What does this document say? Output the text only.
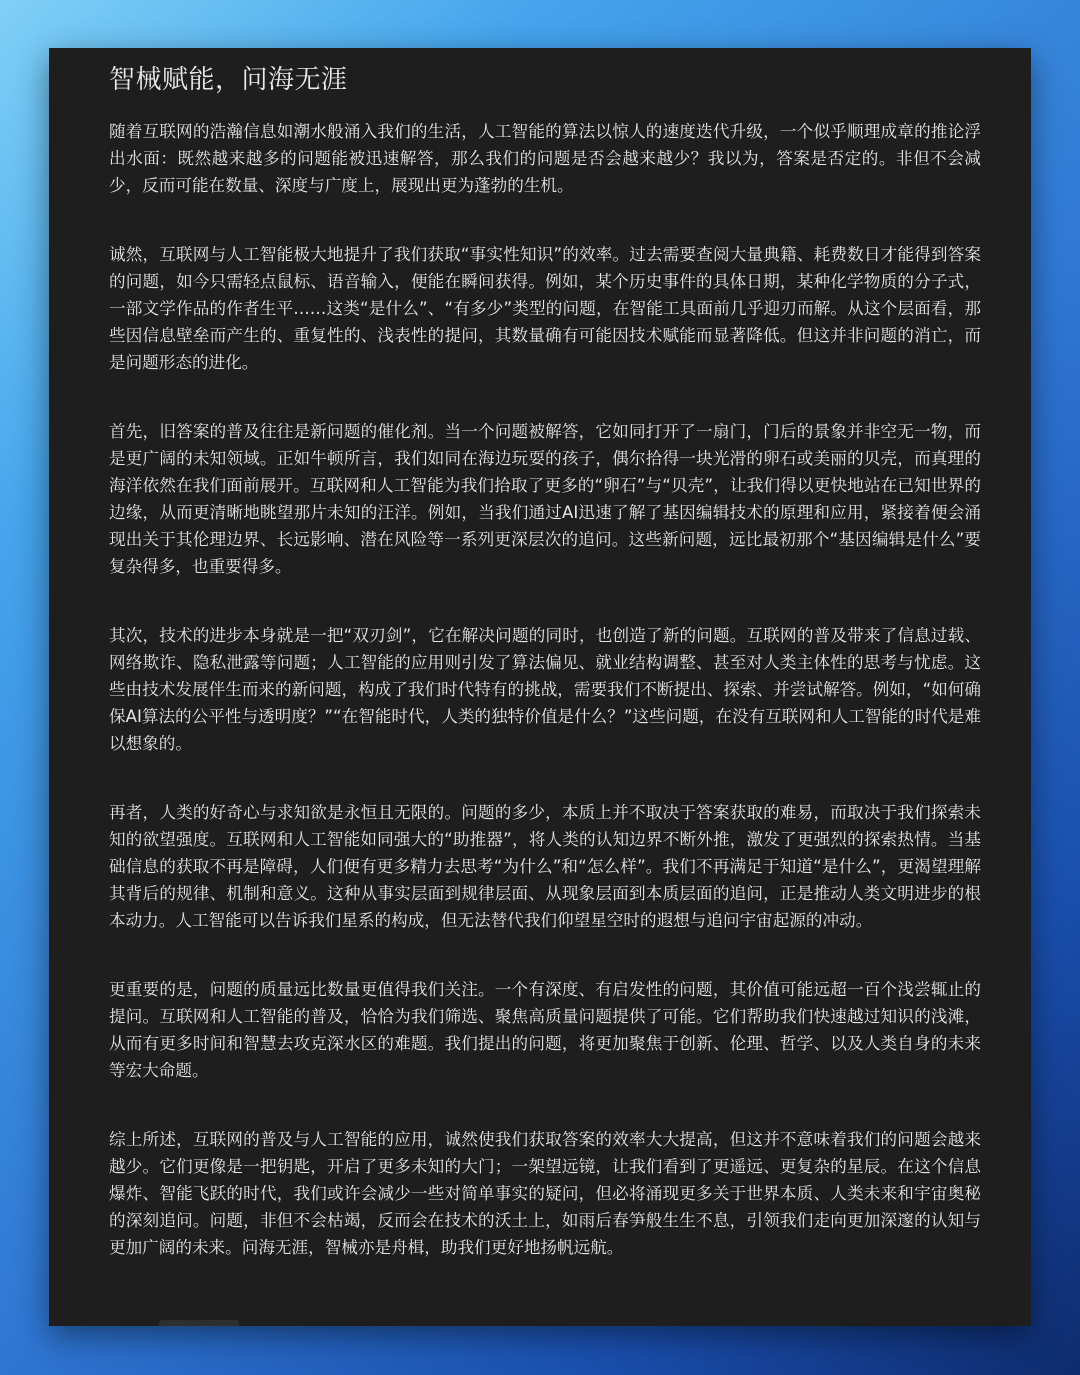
智械赋能，问海无涯

随着互联网的浩瀚信息如潮水般涌入我们的生活，人工智能的算法以惊人的速度迭代升级，一个似乎顺理成章的推论浮出水面：既然越来越多的问题能被迅速解答，那么我们的问题是否会越来越少？我以为，答案是否定的。非但不会减少，反而可能在数量、深度与广度上，展现出更为蓬勃的生机。

诚然，互联网与人工智能极大地提升了我们获取“事实性知识”的效率。过去需要查阅大量典籍、耗费数日才能得到答案的问题，如今只需轻点鼠标、语音输入，便能在瞬间获得。例如，某个历史事件的具体日期，某种化学物质的分子式，一部文学作品的作者生平……这类“是什么”、“有多少”类型的问题，在智能工具面前几乎迎刃而解。从这个层面看，那些因信息壁垒而产生的、重复性的、浅表性的提问，其数量确有可能因技术赋能而显著降低。但这并非问题的消亡，而是问题形态的进化。

首先，旧答案的普及往往是新问题的催化剂。当一个问题被解答，它如同打开了一扇门，门后的景象并非空无一物，而是更广阔的未知领域。正如牛顿所言，我们如同在海边玩耍的孩子，偶尔拾得一块光滑的卵石或美丽的贝壳，而真理的海洋依然在我们面前展开。互联网和人工智能为我们拾取了更多的“卵石”与“贝壳”，让我们得以更快地站在已知世界的边缘，从而更清晰地眺望那片未知的汪洋。例如，当我们通过AI迅速了解了基因编辑技术的原理和应用，紧接着便会涌现出关于其伦理边界、长远影响、潜在风险等一系列更深层次的追问。这些新问题，远比最初那个“基因编辑是什么”要复杂得多，也重要得多。

其次，技术的进步本身就是一把“双刃剑”，它在解决问题的同时，也创造了新的问题。互联网的普及带来了信息过载、网络欺诈、隐私泄露等问题；人工智能的应用则引发了算法偏见、就业结构调整、甚至对人类主体性的思考与忧虑。这些由技术发展伴生而来的新问题，构成了我们时代特有的挑战，需要我们不断提出、探索、并尝试解答。例如，“如何确保AI算法的公平性与透明度？”“在智能时代，人类的独特价值是什么？”这些问题，在没有互联网和人工智能的时代是难以想象的。

再者，人类的好奇心与求知欲是永恒且无限的。问题的多少，本质上并不取决于答案获取的难易，而取决于我们探索未知的欲望强度。互联网和人工智能如同强大的“助推器”，将人类的认知边界不断外推，激发了更强烈的探索热情。当基础信息的获取不再是障碍，人们便有更多精力去思考“为什么”和“怎么样”。我们不再满足于知道“是什么”，更渴望理解其背后的规律、机制和意义。这种从事实层面到规律层面、从现象层面到本质层面的追问，正是推动人类文明进步的根本动力。人工智能可以告诉我们星系的构成，但无法替代我们仰望星空时的遐想与追问宇宙起源的冲动。

更重要的是，问题的质量远比数量更值得我们关注。一个有深度、有启发性的问题，其价值可能远超一百个浅尝辄止的提问。互联网和人工智能的普及，恰恰为我们筛选、聚焦高质量问题提供了可能。它们帮助我们快速越过知识的浅滩，从而有更多时间和智慧去攻克深水区的难题。我们提出的问题，将更加聚焦于创新、伦理、哲学、以及人类自身的未来等宏大命题。

综上所述，互联网的普及与人工智能的应用，诚然使我们获取答案的效率大大提高，但这并不意味着我们的问题会越来越少。它们更像是一把钥匙，开启了更多未知的大门；一架望远镜，让我们看到了更遥远、更复杂的星辰。在这个信息爆炸、智能飞跃的时代，我们或许会减少一些对简单事实的疑问，但必将涌现更多关于世界本质、人类未来和宇宙奥秘的深刻追问。问题，非但不会枯竭，反而会在技术的沃土上，如雨后春笋般生生不息，引领我们走向更加深邃的认知与更加广阔的未来。问海无涯，智械亦是舟楫，助我们更好地扬帆远航。
